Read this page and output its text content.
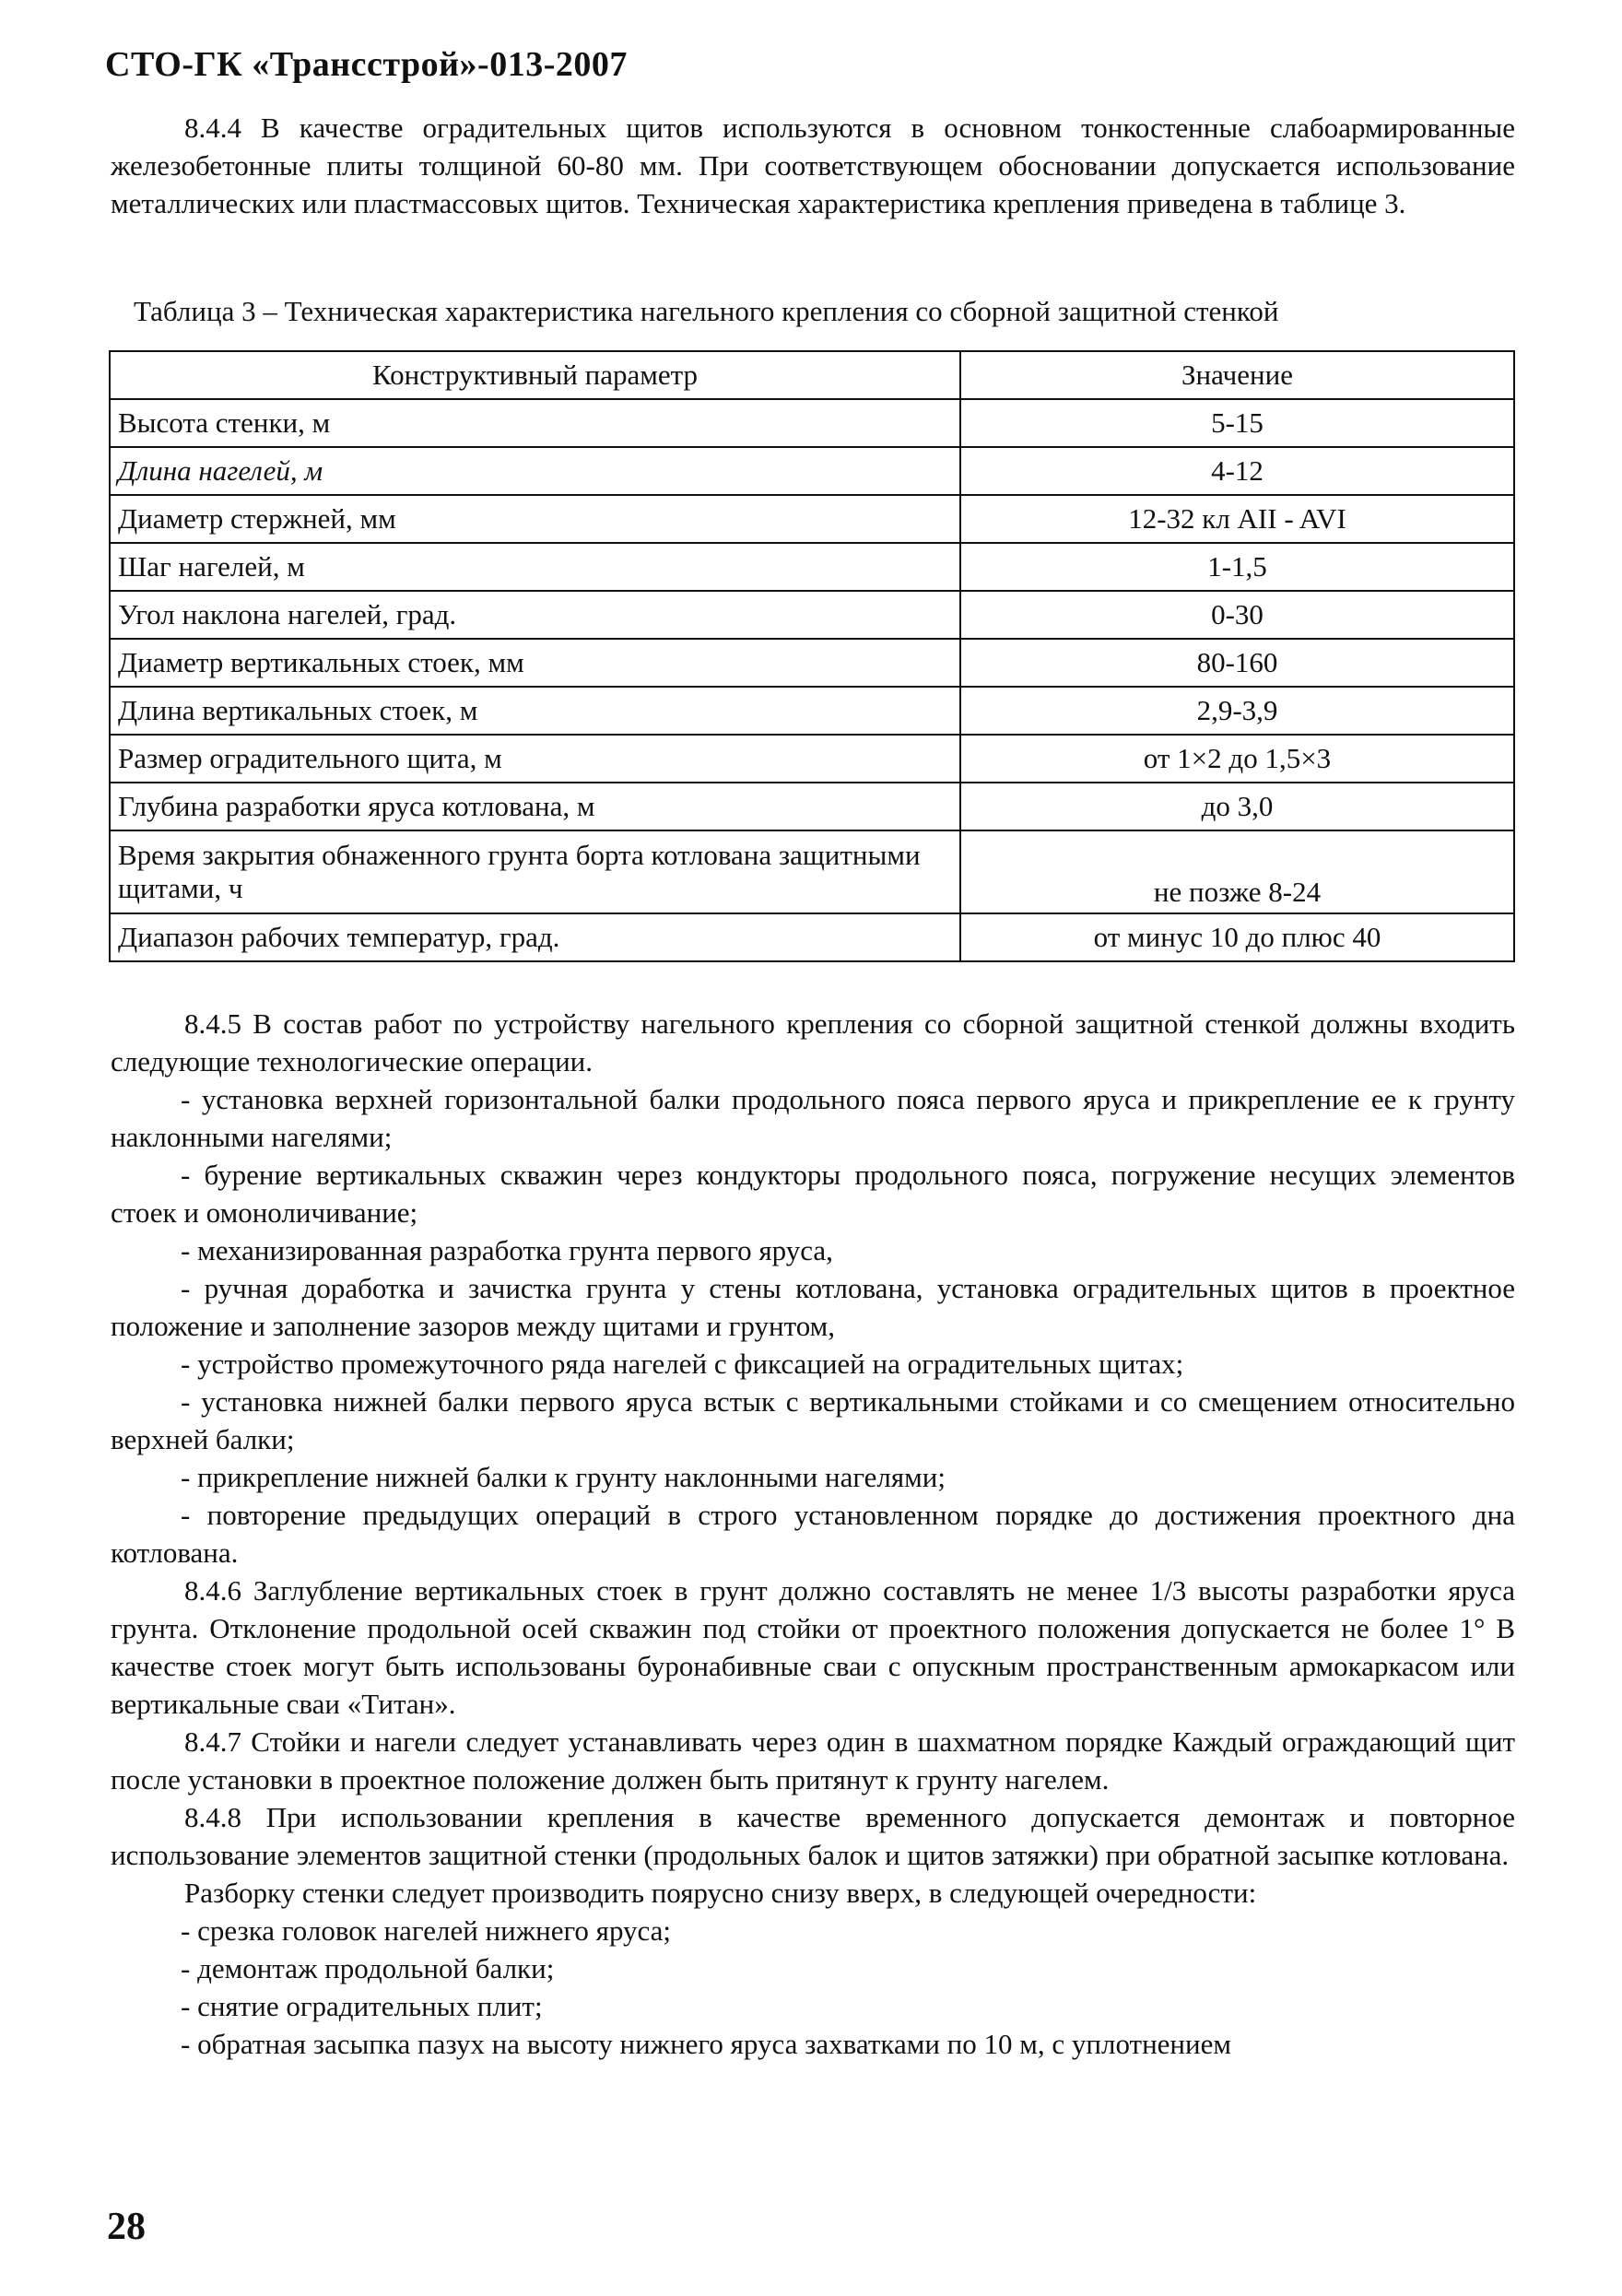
СТО-ГК «Трансстрой»-013-2007

8.4.4 В качестве оградительных щитов используются в основном тонкостенные слабоармированные железобетонные плиты толщиной 60-80 мм. При соответствующем обосновании допускается использование металлических или пластмассовых щитов. Техническая характеристика крепления приведена в таблице 3.

Таблица 3 – Техническая характеристика нагельного крепления со сборной защитной стенкой
Конструктивный параметр	Значение
Высота стенки, м	5-15
Длина нагелей, м	4-12
Диаметр стержней, мм	12-32 кл AII - AVI
Шаг нагелей, м	1-1,5
Угол наклона нагелей, град.	0-30
Диаметр вертикальных стоек, мм	80-160
Длина вертикальных стоек, м	2,9-3,9
Размер оградительного щита, м	от 1×2 до 1,5×3
Глубина разработки яруса котлована, м	до 3,0
Время закрытия обнаженного грунта борта котлована защитными щитами, ч	не позже 8-24
Диапазон рабочих температур, град.	от минус 10 до плюс 40

8.4.5 В состав работ по устройству нагельного крепления со сборной защитной стенкой должны входить следующие технологические операции.

- установка верхней горизонтальной балки продольного пояса первого яруса и прикрепление ее к грунту наклонными нагелями;

- бурение вертикальных скважин через кондукторы продольного пояса, погружение несущих элементов стоек и омоноличивание;

- механизированная разработка грунта первого яруса,

- ручная доработка и зачистка грунта у стены котлована, установка оградительных щитов в проектное положение и заполнение зазоров между щитами и грунтом,

- устройство промежуточного ряда нагелей с фиксацией на оградительных щитах;

- установка нижней балки первого яруса встык с вертикальными стойками и со смещением относительно верхней балки;

- прикрепление нижней балки к грунту наклонными нагелями;

- повторение предыдущих операций в строго установленном порядке до достижения проектного дна котлована.

8.4.6 Заглубление вертикальных стоек в грунт должно составлять не менее 1/3 высоты разработки яруса грунта. Отклонение продольной осей скважин под стойки от проектного положения допускается не более 1° В качестве стоек могут быть использованы буронабивные сваи с опускным пространственным армокаркасом или вертикальные сваи «Титан».

8.4.7 Стойки и нагели следует устанавливать через один в шахматном порядке Каждый ограждающий щит после установки в проектное положение должен быть притянут к грунту нагелем.

8.4.8 При использовании крепления в качестве временного допускается демонтаж и повторное использование элементов защитной стенки (продольных балок и щитов затяжки) при обратной засыпке котлована.

Разборку стенки следует производить поярусно снизу вверх, в следующей очередности:

- срезка головок нагелей нижнего яруса;

- демонтаж продольной балки;

- снятие оградительных плит;

- обратная засыпка пазух на высоту нижнего яруса захватками по 10 м, с уплотнением

28
